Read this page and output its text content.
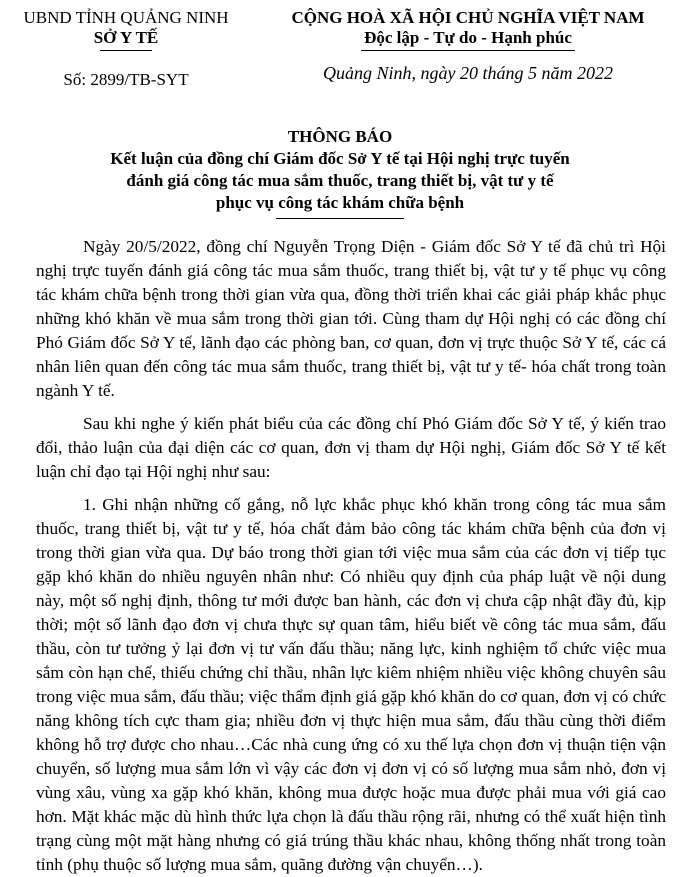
UBND TỈNH QUẢNG NINH
SỞ Y TẾ
CỘNG HOÀ XÃ HỘI CHỦ NGHĨA VIỆT NAM
Độc lập - Tự do - Hạnh phúc
Số: 2899/TB-SYT	Quảng Ninh, ngày 20 tháng 5 năm 2022
THÔNG BÁO
Kết luận của đồng chí Giám đốc Sở Y tế tại Hội nghị trực tuyến
đánh giá công tác mua sắm thuốc, trang thiết bị, vật tư y tế
phục vụ công tác khám chữa bệnh

Ngày 20/5/2022, đồng chí Nguyễn Trọng Diện - Giám đốc Sở Y tế đã chủ trì Hội nghị trực tuyến đánh giá công tác mua sắm thuốc, trang thiết bị, vật tư y tế phục vụ công tác khám chữa bệnh trong thời gian vừa qua, đồng thời triển khai các giải pháp khắc phục những khó khăn về mua sắm trong thời gian tới. Cùng tham dự Hội nghị có các đồng chí Phó Giám đốc Sở Y tế, lãnh đạo các phòng ban, cơ quan, đơn vị trực thuộc Sở Y tế, các cá nhân liên quan đến công tác mua sắm thuốc, trang thiết bị, vật tư y tế- hóa chất trong toàn ngành Y tế.

Sau khi nghe ý kiến phát biểu của các đồng chí Phó Giám đốc Sở Y tế, ý kiến trao đổi, thảo luận của đại diện các cơ quan, đơn vị tham dự Hội nghị, Giám đốc Sở Y tế kết luận chỉ đạo tại Hội nghị như sau:

1. Ghi nhận những cố gắng, nỗ lực khắc phục khó khăn trong công tác mua sắm thuốc, trang thiết bị, vật tư y tế, hóa chất đảm bảo công tác khám chữa bệnh của đơn vị trong thời gian vừa qua. Dự báo trong thời gian tới việc mua sắm của các đơn vị tiếp tục gặp khó khăn do nhiều nguyên nhân như: Có nhiều quy định của pháp luật về nội dung này, một số nghị định, thông tư mới được ban hành, các đơn vị chưa cập nhật đầy đủ, kịp thời; một số lãnh đạo đơn vị chưa thực sự quan tâm, hiểu biết về công tác mua sắm, đấu thầu, còn tư tưởng ỷ lại đơn vị tư vấn đấu thầu; năng lực, kinh nghiệm tổ chức việc mua sắm còn hạn chế, thiếu chứng chỉ thầu, nhân lực kiêm nhiệm nhiều việc không chuyên sâu trong việc mua sắm, đấu thầu; việc thẩm định giá gặp khó khăn do cơ quan, đơn vị có chức năng không tích cực tham gia; nhiều đơn vị thực hiện mua sắm, đấu thầu cùng thời điểm không hỗ trợ được cho nhau…Các nhà cung ứng có xu thế lựa chọn đơn vị thuận tiện vận chuyển, số lượng mua sắm lớn vì vậy các đơn vị đơn vị có số lượng mua sắm nhỏ, đơn vị vùng xâu, vùng xa gặp khó khăn, không mua được hoặc mua được phải mua với giá cao hơn. Mặt khác mặc dù hình thức lựa chọn là đấu thầu rộng rãi, nhưng có thể xuất hiện tình trạng cùng một mặt hàng nhưng có giá trúng thầu khác nhau, không thống nhất trong toàn tỉnh (phụ thuộc số lượng mua sắm, quãng đường vận chuyển…).
